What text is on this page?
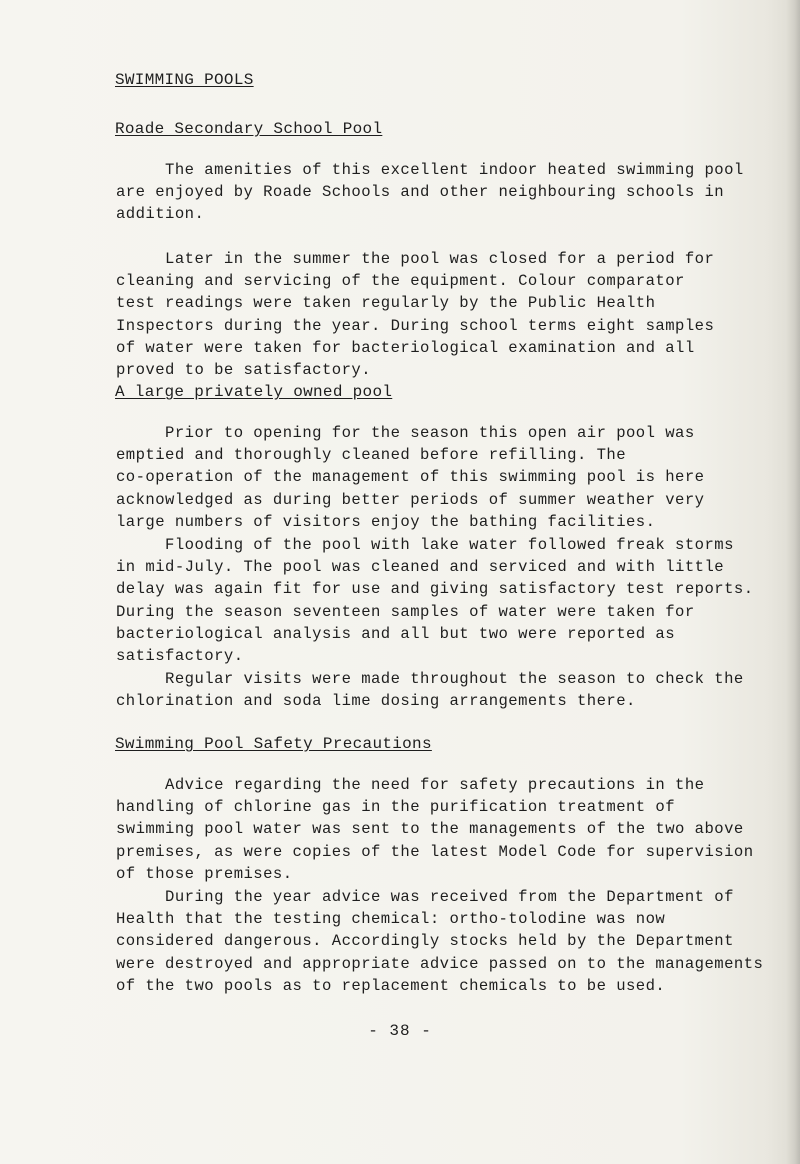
SWIMMING POOLS
Roade Secondary School Pool

The amenities of this excellent indoor heated swimming pool
are enjoyed by Roade Schools and other neighbouring schools in
addition.

Later in the summer the pool was closed for a period for
cleaning and servicing of the equipment. Colour comparator
test readings were taken regularly by the Public Health
Inspectors during the year. During school terms eight samples
of water were taken for bacteriological examination and all
proved to be satisfactory.

A large privately owned pool

Prior to opening for the season this open air pool was
emptied and thoroughly cleaned before refilling. The
co-operation of the management of this swimming pool is here
acknowledged as during better periods of summer weather very
large numbers of visitors enjoy the bathing facilities.

Flooding of the pool with lake water followed freak storms
in mid-July. The pool was cleaned and serviced and with little
delay was again fit for use and giving satisfactory test reports.
During the season seventeen samples of water were taken for
bacteriological analysis and all but two were reported as
satisfactory.

Regular visits were made throughout the season to check the
chlorination and soda lime dosing arrangements there.

Swimming Pool Safety Precautions

Advice regarding the need for safety precautions in the
handling of chlorine gas in the purification treatment of
swimming pool water was sent to the managements of the two above
premises, as were copies of the latest Model Code for supervision
of those premises.

During the year advice was received from the Department of
Health that the testing chemical: ortho-tolodine was now
considered dangerous. Accordingly stocks held by the Department
were destroyed and appropriate advice passed on to the managements
of the two pools as to replacement chemicals to be used.

- 38 -
